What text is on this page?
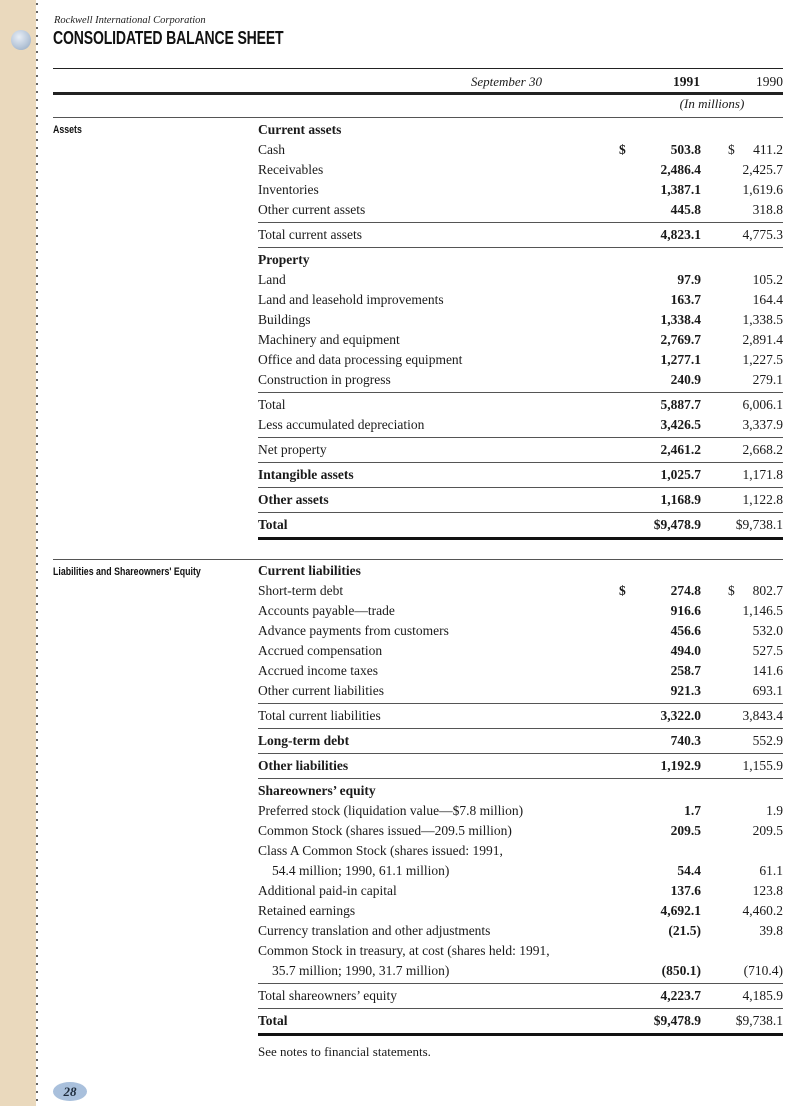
Rockwell International Corporation
CONSOLIDATED BALANCE SHEET
September 30	1991	1990
(In millions)
Assets	Current assets
Cash	$	503.8 $ 411.2
Receivables	2,486.4	2,425.7
Inventories	1,387.1	1,619.6
Other current assets	445.8	318.8
Total current assets	4,823.1	4,775.3
Property
Land	97.9	105.2
Land and leasehold improvements	163.7	164.4
Buildings	1,338.4	1,338.5
Machinery and equipment	2,769.7	2,891.4
Office and data processing equipment	1,277.1	1,227.5
Construction in progress	240.9	279.1
Total	5,887.7	6,006.1
Less accumulated depreciation	3,426.5	3,337.9
Net property	2,461.2	2,668.2
Intangible assets	1,025.7	1,171.8
Other assets	1,168.9	1,122.8
Total	$9,478.9	$9,738.1
Liabilities and Shareowners' Equity	Current liabilities
Short-term debt	$	274.8 $ 802.7
Accounts payable—trade	916.6	1,146.5
Advance payments from customers	456.6	532.0
Accrued compensation	494.0	527.5
Accrued income taxes	258.7	141.6
Other current liabilities	921.3	693.1
Total current liabilities	3,322.0	3,843.4
Long-term debt	740.3	552.9
Other liabilities	1,192.9	1,155.9
Shareowners’ equity
Preferred stock (liquidation value—$7.8 million)	1.7	1.9
Common Stock (shares issued—209.5 million)	209.5	209.5
Class A Common Stock (shares issued: 1991,
54.4 million; 1990, 61.1 million)	54.4	61.1
Additional paid-in capital	137.6	123.8
Retained earnings	4,692.1	4,460.2
Currency translation and other adjustments	(21.5)	39.8
Common Stock in treasury, at cost (shares held: 1991,
35.7 million; 1990, 31.7 million)	(850.1)	(710.4)
Total shareowners’ equity	4,223.7	4,185.9
Total	$9,478.9	$9,738.1
See notes to financial statements.
28
